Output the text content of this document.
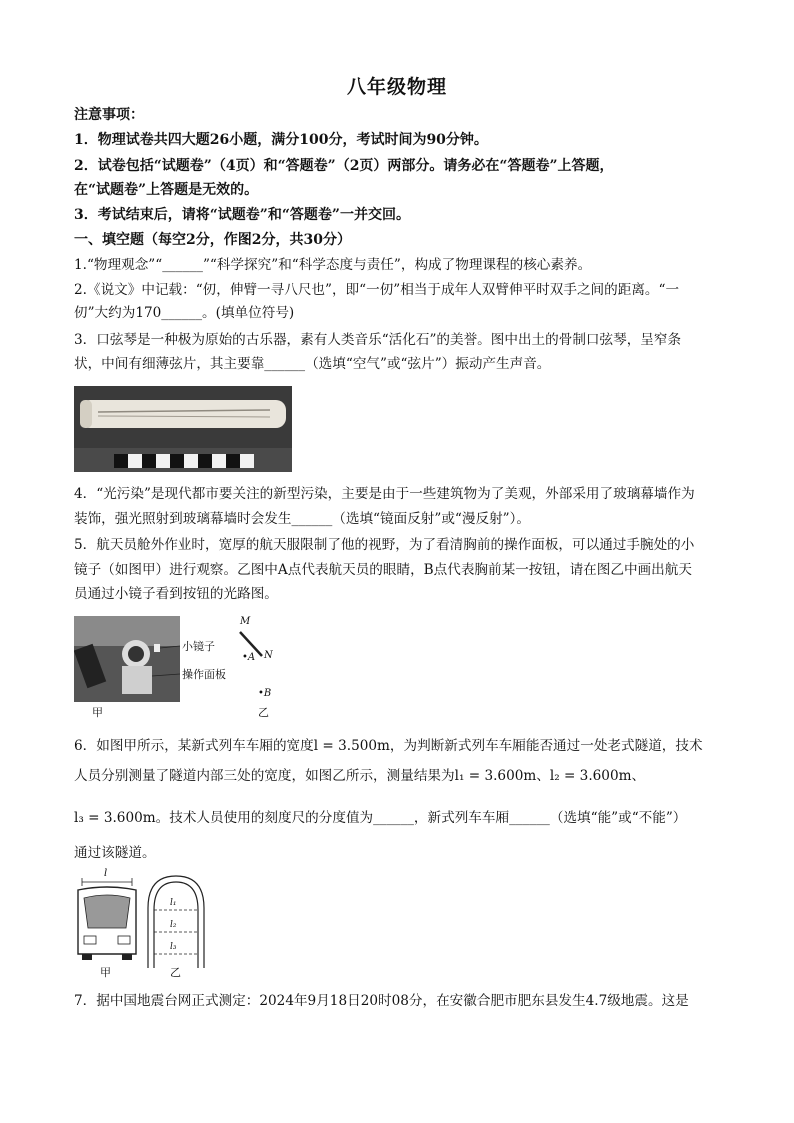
八年级物理
注意事项：
1．物理试卷共四大题26小题，满分100分，考试时间为90分钟。
2．试卷包括“试题卷”（4页）和“答题卷”（2页）两部分。请务必在“答题卷”上答题，
在“试题卷”上答题是无效的。
3．考试结束后，请将“试题卷”和“答题卷”一并交回。
一、填空题（每空2分，作图2分，共30分）
1.“物理观念”“______”“科学探究”和“科学态度与责任”，构成了物理课程的核心素养。
2.《说文》中记载：“仞，伸臂一寻八尺也”，即“一仞”相当于成年人双臂伸平时双手之间的距离。“一
仞”大约为170______。(填单位符号)
3．口弦琴是一种极为原始的古乐器，素有人类音乐“活化石”的美誉。图中出土的骨制口弦琴，呈窄条
状，中间有细薄弦片，其主要靠______（选填“空气”或“弦片”）振动产生声音。
4．“光污染”是现代都市要关注的新型污染，主要是由于一些建筑物为了美观，外部采用了玻璃幕墙作为
装饰，强光照射到玻璃幕墙时会发生______（选填“镜面反射”或“漫反射”）。
5．航天员舱外作业时，宽厚的航天服限制了他的视野，为了看清胸前的操作面板，可以通过手腕处的小
镜子（如图甲）进行观察。乙图中A点代表航天员的眼睛，B点代表胸前某一按钮，请在图乙中画出航天
员通过小镜子看到按钮的光路图。
小镜子
操作面板
甲	乙
M
N
•A
•B
6．如图甲所示，某新式列车车厢的宽度l = 3.500m，为判断新式列车车厢能否通过一处老式隧道，技术
人员分别测量了隧道内部三处的宽度，如图乙所示，测量结果为l₁ = 3.600m、l₂ = 3.600m、
l₃ = 3.600m。技术人员使用的刻度尺的分度值为______，新式列车车厢______（选填“能”或“不能”）
通过该隧道。
l
l₁
l₂
l₃
甲	乙
7．据中国地震台网正式测定：2024年9月18日20时08分，在安徽合肥市肥东县发生4.7级地震。这是
